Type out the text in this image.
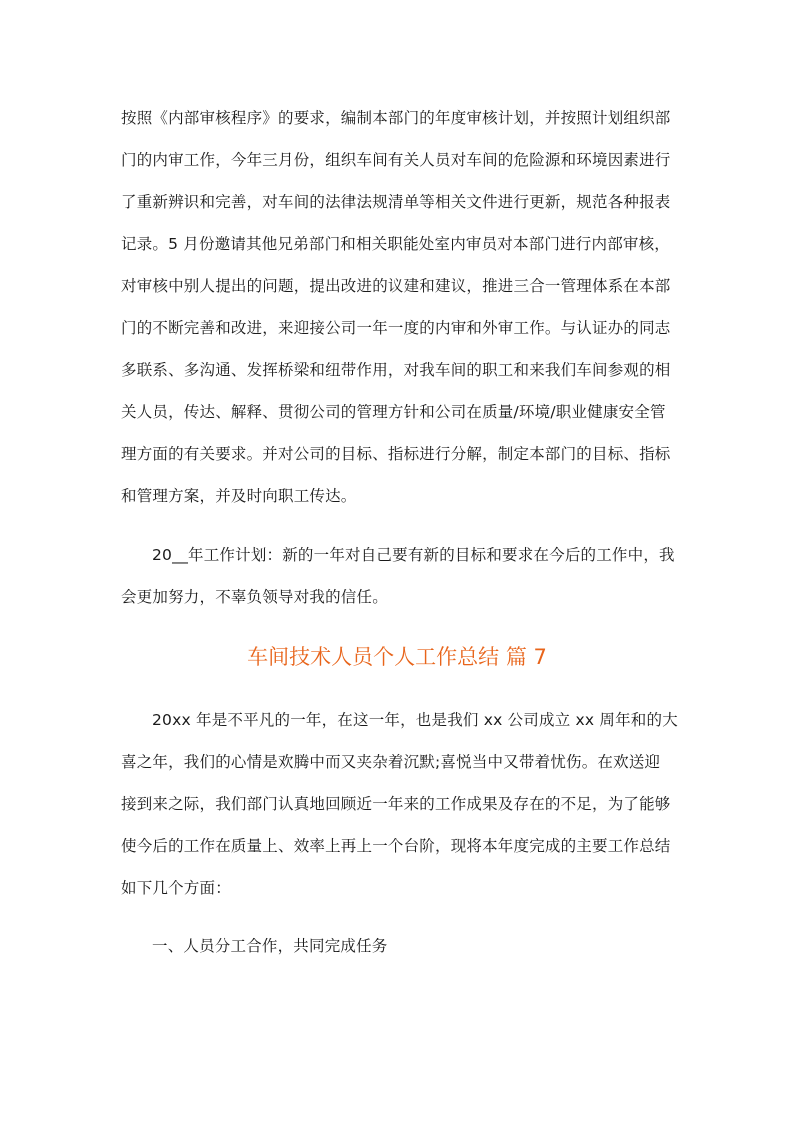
按照《内部审核程序》的要求，编制本部门的年度审核计划，并按照计划组织部
门的内审工作，今年三月份，组织车间有关人员对车间的危险源和环境因素进行
了重新辨识和完善，对车间的法律法规清单等相关文件进行更新，规范各种报表
记录。5 月份邀请其他兄弟部门和相关职能处室内审员对本部门进行内部审核，
对审核中别人提出的问题，提出改进的议建和建议，推进三合一管理体系在本部
门的不断完善和改进，来迎接公司一年一度的内审和外审工作。与认证办的同志
多联系、多沟通、发挥桥梁和纽带作用，对我车间的职工和来我们车间参观的相
关人员，传达、解释、贯彻公司的管理方针和公司在质量/环境/职业健康安全管
理方面的有关要求。并对公司的目标、指标进行分解，制定本部门的目标、指标
和管理方案，并及时向职工传达。
20__年工作计划：新的一年对自己要有新的目标和要求在今后的工作中，我
会更加努力，不辜负领导对我的信任。
车间技术人员个人工作总结 篇 7
20xx 年是不平凡的一年，在这一年，也是我们 xx 公司成立 xx 周年和的大
喜之年，我们的心情是欢腾中而又夹杂着沉默;喜悦当中又带着忧伤。在欢送迎
接到来之际，我们部门认真地回顾近一年来的工作成果及存在的不足，为了能够
使今后的工作在质量上、效率上再上一个台阶，现将本年度完成的主要工作总结
如下几个方面：
一、人员分工合作，共同完成任务
